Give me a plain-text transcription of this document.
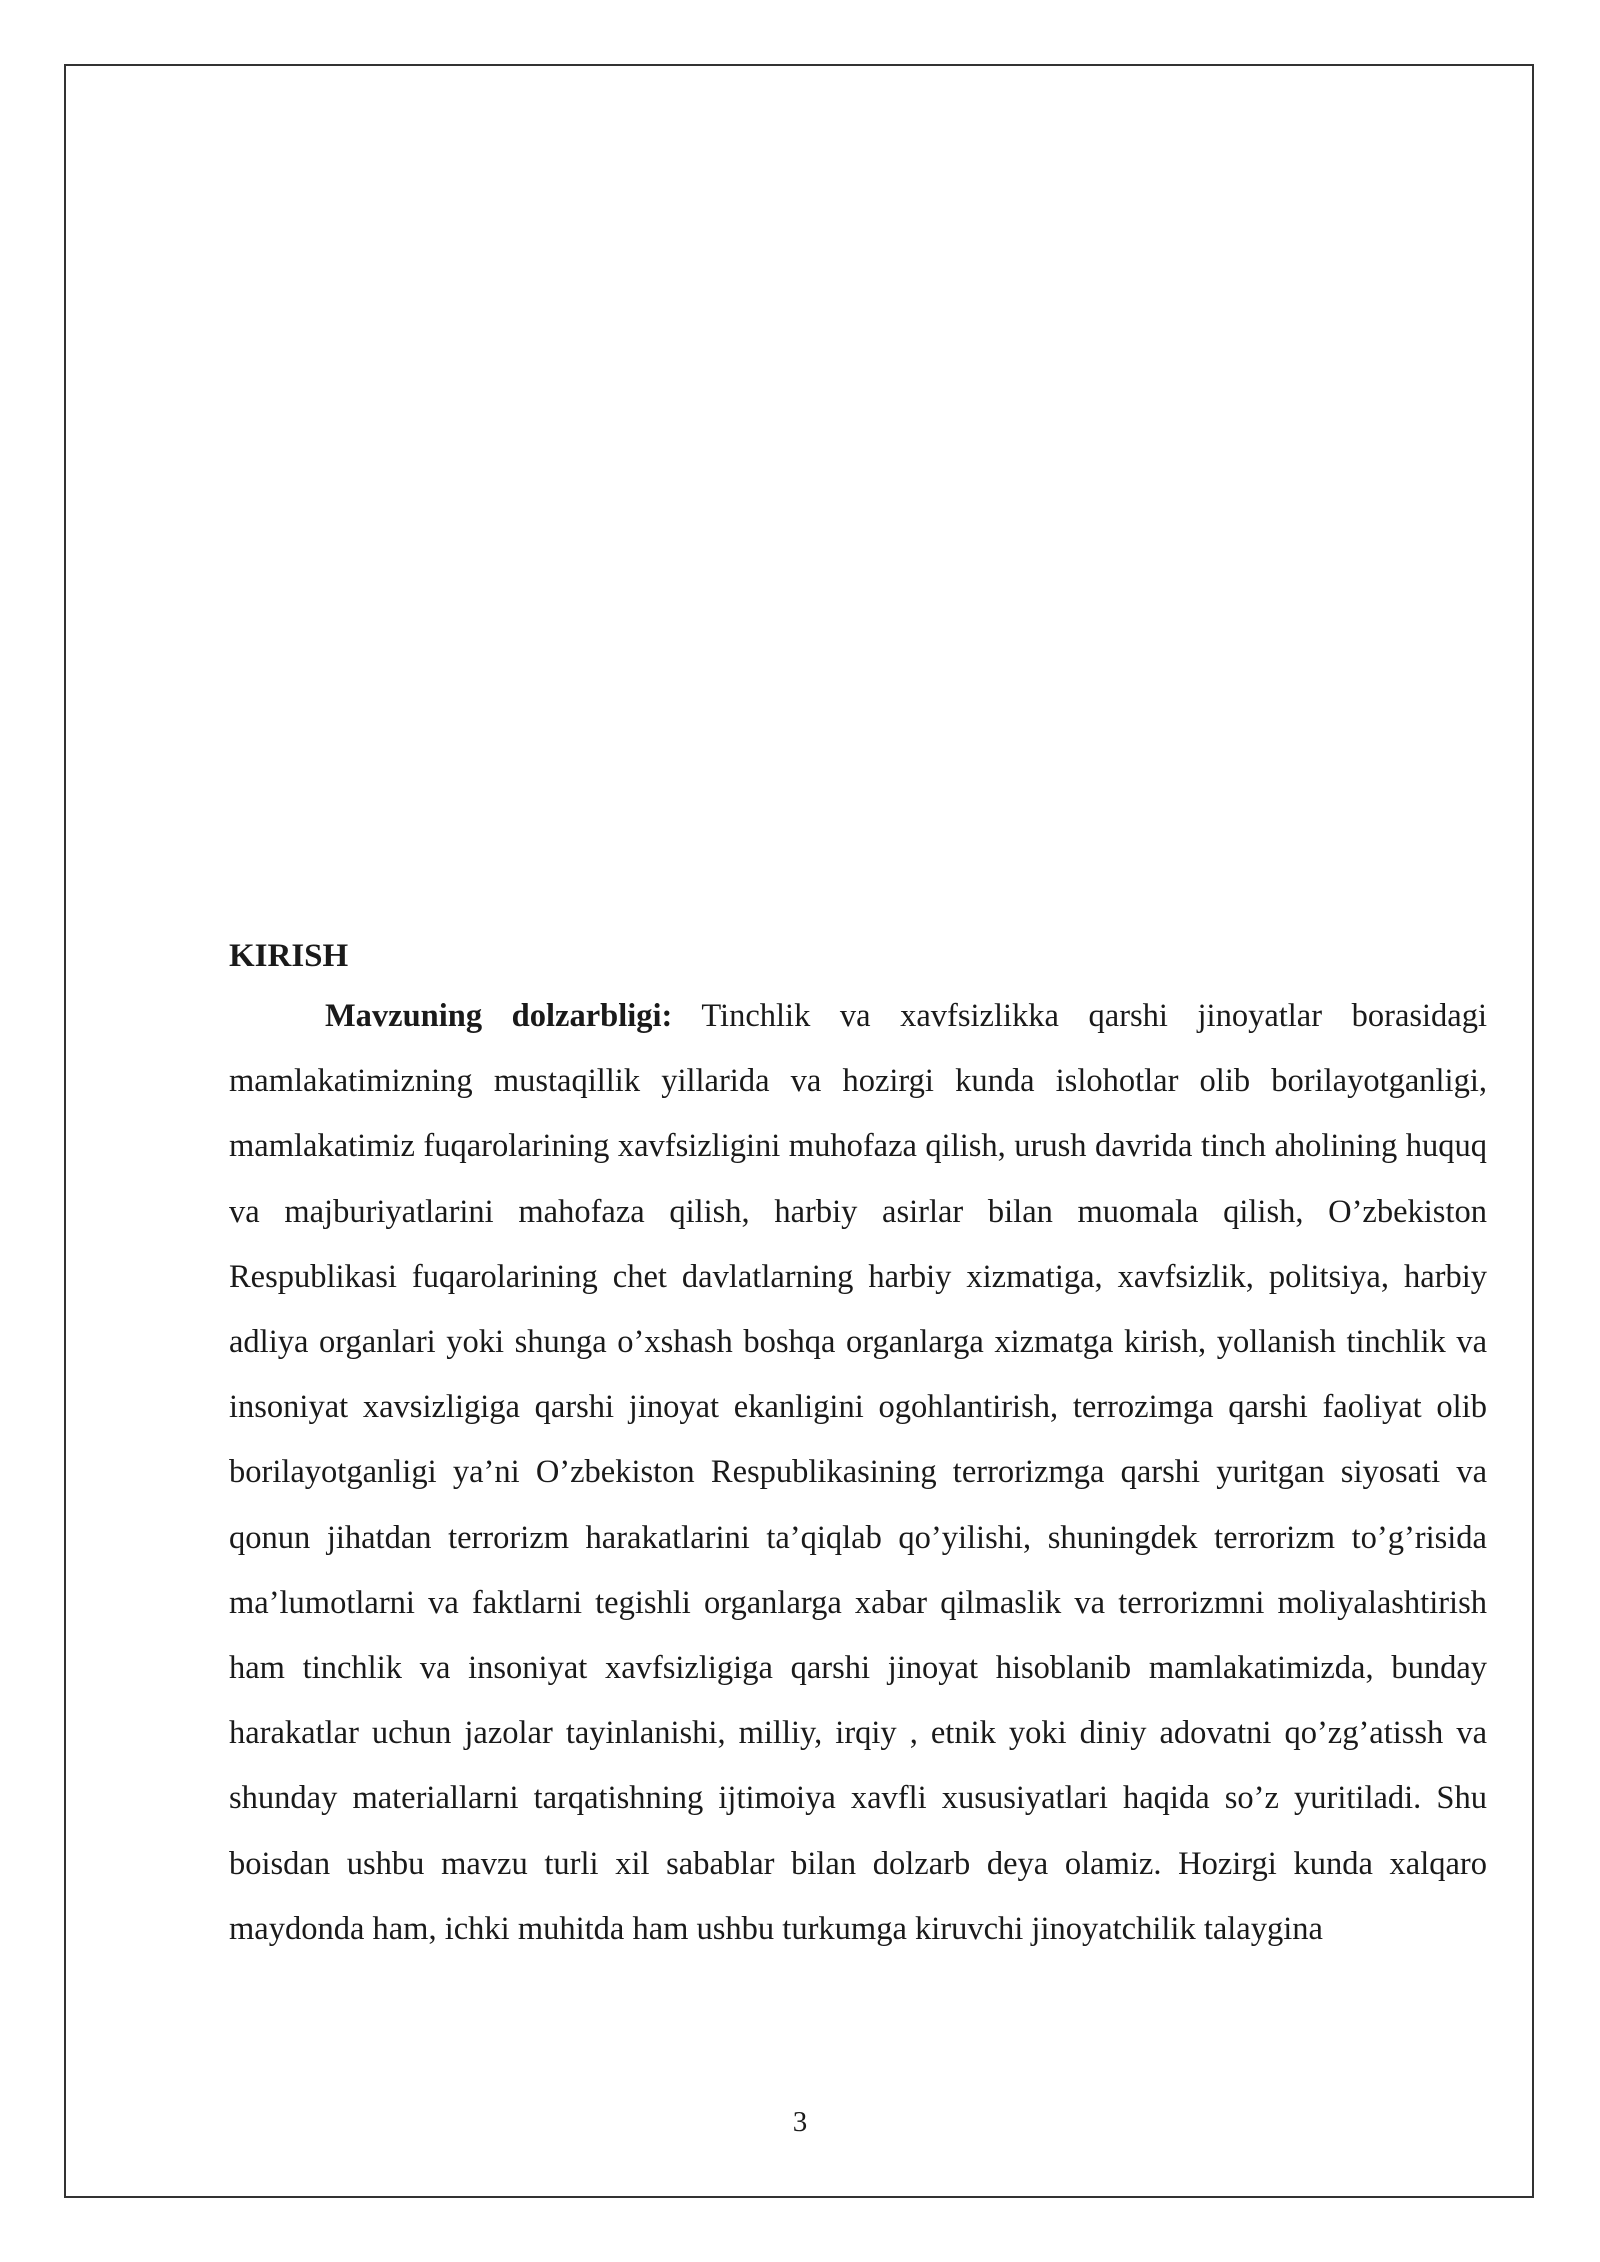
KIRISH

Mavzuning dolzarbligi: Tinchlik va xavfsizlikka qarshi jinoyatlar borasidagi mamlakatimizning mustaqillik yillarida va hozirgi kunda islohotlar olib borilayotganligi, mamlakatimiz fuqarolarining xavfsizligini muhofaza qilish, urush davrida tinch aholining huquq va majburiyatlarini mahofaza qilish, harbiy asirlar bilan muomala qilish, O’zbekiston Respublikasi fuqarolarining chet davlatlarning harbiy xizmatiga, xavfsizlik, politsiya, harbiy adliya organlari yoki shunga o’xshash boshqa organlarga xizmatga kirish, yollanish tinchlik va insoniyat xavsizligiga qarshi jinoyat ekanligini ogohlantirish, terrozimga qarshi faoliyat olib borilayotganligi ya’ni O’zbekiston Respublikasining terrorizmga qarshi yuritgan siyosati va qonun jihatdan terrorizm harakatlarini ta’qiqlab qo’yilishi, shuningdek terrorizm to’g’risida ma’lumotlarni va faktlarni tegishli organlarga xabar qilmaslik va terrorizmni moliyalashtirish ham tinchlik va insoniyat xavfsizligiga qarshi jinoyat hisoblanib mamlakatimizda, bunday harakatlar uchun jazolar tayinlanishi, milliy, irqiy , etnik yoki diniy adovatni qo’zg’atissh va shunday materiallarni tarqatishning ijtimoiya xavfli xususiyatlari haqida so’z yuritiladi. Shu boisdan ushbu mavzu turli xil sabablar bilan dolzarb deya olamiz. Hozirgi kunda xalqaro maydonda ham, ichki muhitda ham ushbu turkumga kiruvchi jinoyatchilik talaygina

3
